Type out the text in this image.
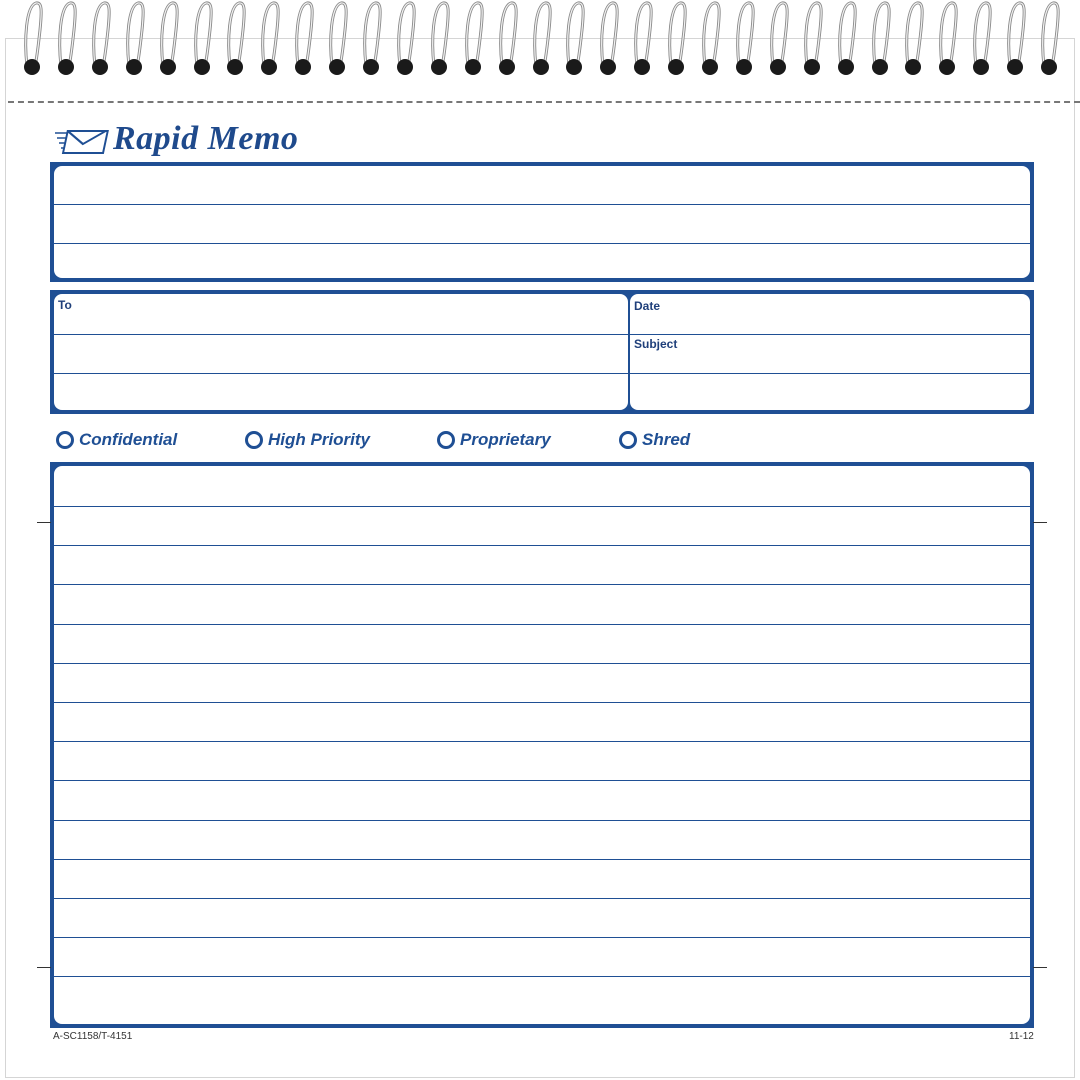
Rapid Memo
To	Date
Subject
Confidential	High Priority	Proprietary	Shred
A-SC1158/T-4151	11-12
